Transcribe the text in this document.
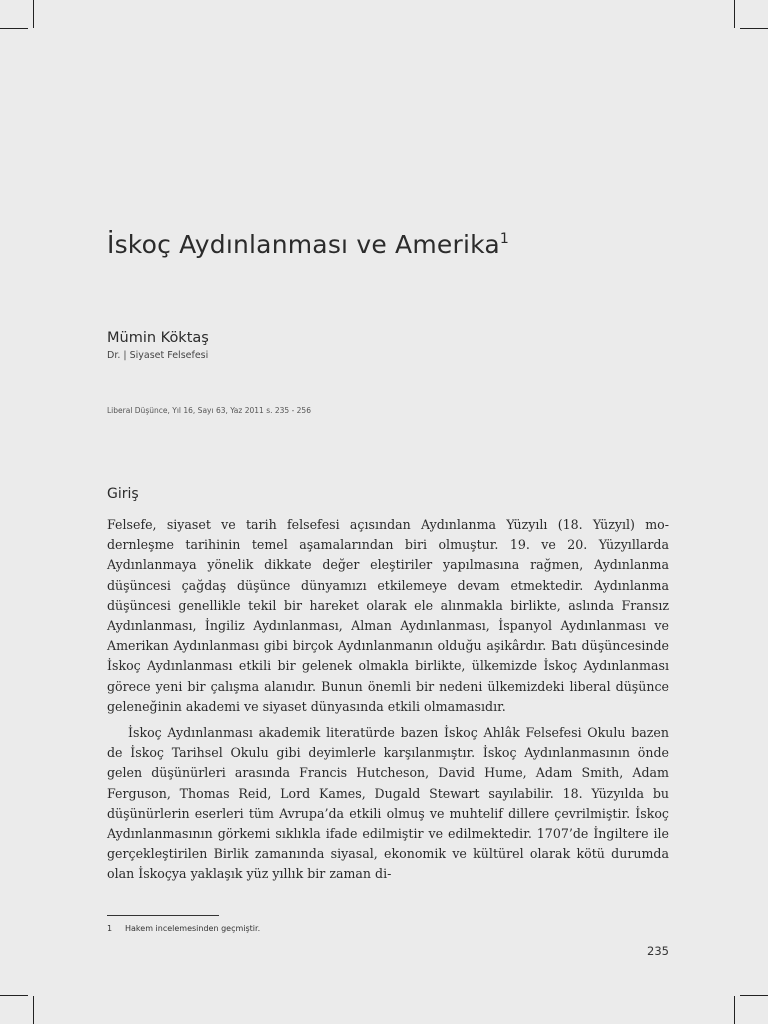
İskoç Aydınlanması ve Amerika$^1$
Mümin Köktaş
Dr. | Siyaset Felsefesi
Liberal Düşünce, Yıl 16, Sayı 63, Yaz 2011 s. 235 - 256
Giriş

Felsefe, siyaset ve tarih felsefesi açısından Aydınlanma Yüzyılı (18. Yüzyıl) modernleşme tarihinin temel aşamalarından biri olmuştur. 19. ve 20. Yüzyıllarda Aydınlanmaya yönelik dikkate değer eleştiriler yapılmasına rağmen, Aydınlanma düşüncesi çağdaş düşünce dünyamızı etkilemeye devam etmektedir. Aydınlanma düşüncesi genellikle tekil bir hareket olarak ele alınmakla birlikte, aslında Fransız Aydınlanması, İngiliz Aydınlanması, Alman Aydınlanması, İspanyol Aydınlanması ve Amerikan Aydınlanması gibi birçok Aydınlanmanın olduğu aşikârdır. Batı düşüncesinde İskoç Aydınlanması etkili bir gelenek olmakla birlikte, ülkemizde İskoç Aydınlanması görece yeni bir çalışma alanıdır. Bunun önemli bir nedeni ülkemizdeki liberal düşünce geleneğinin akademi ve siyaset dünyasında etkili olmamasıdır.

İskoç Aydınlanması akademik literatürde bazen İskoç Ahlâk Felsefesi Okulu bazen de İskoç Tarihsel Okulu gibi deyimlerle karşılanmıştır. İskoç Aydınlanmasının önde gelen düşünürleri arasında Francis Hutcheson, David Hume, Adam Smith, Adam Ferguson, Thomas Reid, Lord Kames, Dugald Stewart sayılabilir. 18. Yüzyılda bu düşünürlerin eserleri tüm Avrupa’da etkili olmuş ve muhtelif dillere çevrilmiştir. İskoç Aydınlanmasının görkemi sıklıkla ifade edilmiştir ve edilmektedir. 1707’de İngiltere ile gerçekleştirilen Birlik zamanında siyasal, ekonomik ve kültürel olarak kötü durumda olan İskoçya yaklaşık yüz yıllık bir zaman di-

1 Hakem incelemesinden geçmiştir.
235
